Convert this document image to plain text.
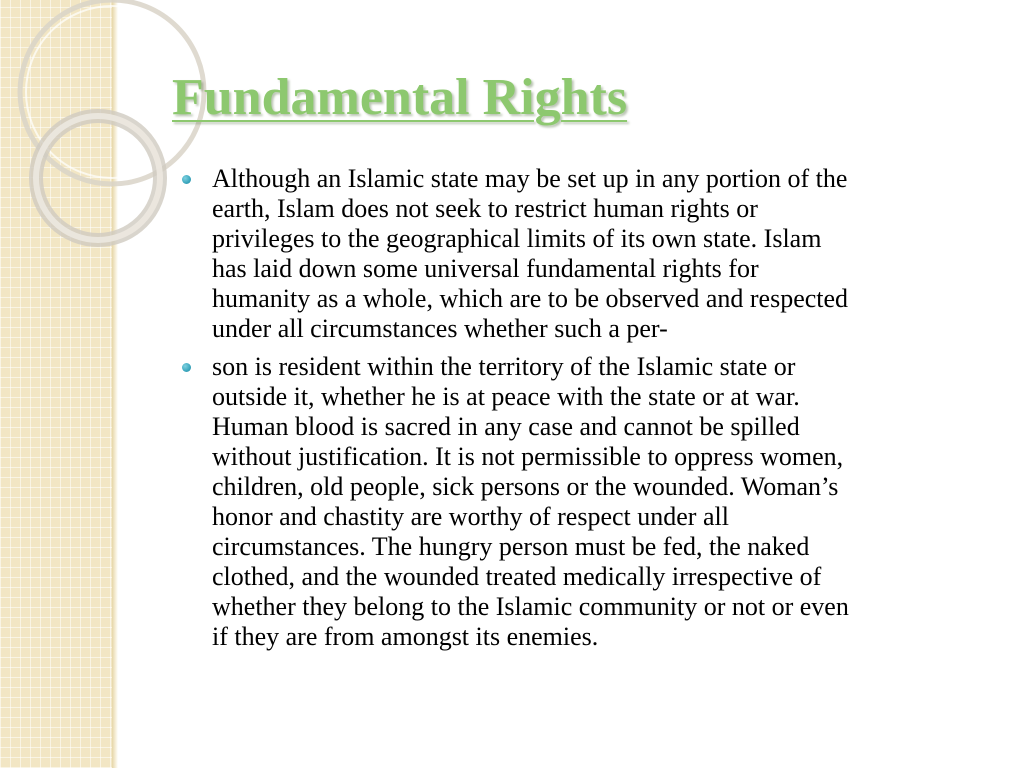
Fundamental Rights
Although an Islamic state may be set up in any portion of the
earth, Islam does not seek to restrict human rights or
privileges to the geographical limits of its own state. Islam
has laid down some universal fundamental rights for
humanity as a whole, which are to be observed and respected
under all circumstances whether such a per-
son is resident within the territory of the Islamic state or
outside it, whether he is at peace with the state or at war.
Human blood is sacred in any case and cannot be spilled
without justification. It is not permissible to oppress women,
children, old people, sick persons or the wounded. Woman’s
honor and chastity are worthy of respect under all
circumstances. The hungry person must be fed, the naked
clothed, and the wounded treated medically irrespective of
whether they belong to the Islamic community or not or even
if they are from amongst its enemies.
